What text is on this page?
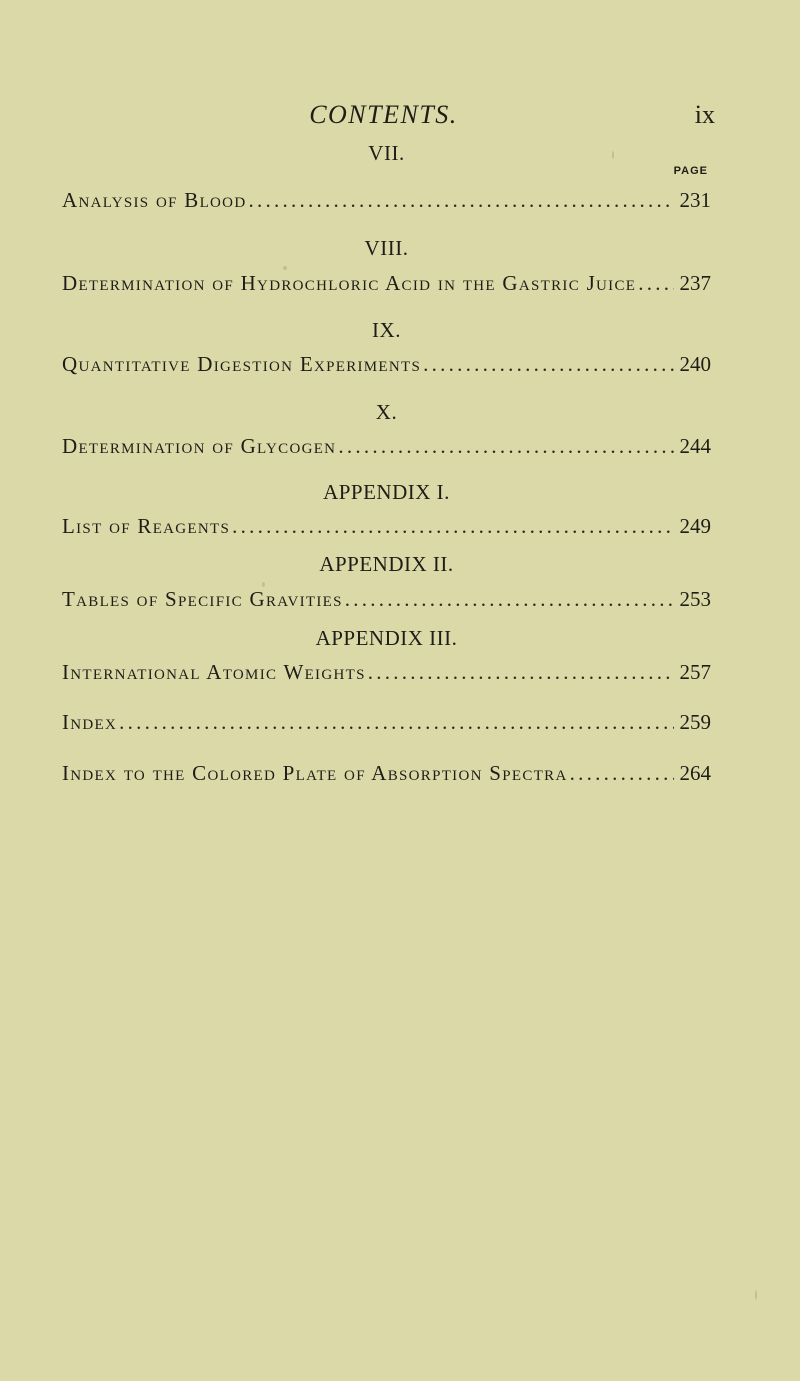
CONTENTS.	ix
PAGE
VII.
Analysis of Blood . . .	231
VIII.
Determination of Hydrochloric Acid in the Gastric Juice . . . 237
IX.
Quantitative Digestion Experiments . . .	240
X.
Determination of Glycogen . . .	244
APPENDIX I.
List of Reagents . . .	249
APPENDIX II.
Tables of Specific Gravities . . .	253
APPENDIX III.
International Atomic Weights . . .	257
Index . . .	259
Index to the Colored Plate of Absorption Spectra . . .	264
